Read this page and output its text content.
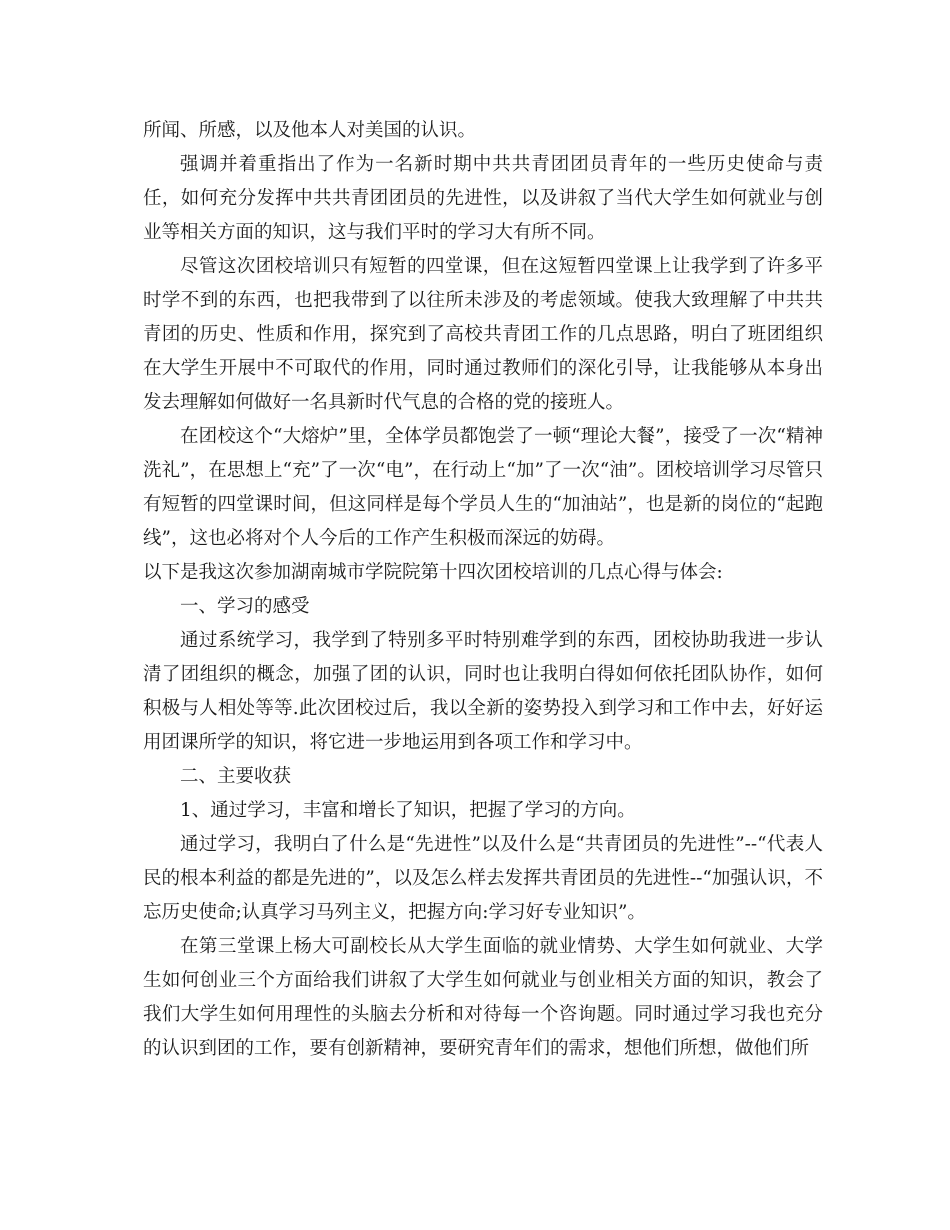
所闻、所感，以及他本人对美国的认识。

强调并着重指出了作为一名新时期中共共青团团员青年的一些历史使命与责任，如何充分发挥中共共青团团员的先进性，以及讲叙了当代大学生如何就业与创业等相关方面的知识，这与我们平时的学习大有所不同。

尽管这次团校培训只有短暂的四堂课，但在这短暂四堂课上让我学到了许多平时学不到的东西，也把我带到了以往所未涉及的考虑领域。使我大致理解了中共共青团的历史、性质和作用，探究到了高校共青团工作的几点思路，明白了班团组织在大学生开展中不可取代的作用，同时通过教师们的深化引导，让我能够从本身出发去理解如何做好一名具新时代气息的合格的党的接班人。

在团校这个“大熔炉”里，全体学员都饱尝了一顿“理论大餐”，接受了一次“精神洗礼”，在思想上“充”了一次“电”，在行动上“加”了一次“油”。团校培训学习尽管只有短暂的四堂课时间，但这同样是每个学员人生的“加油站”，也是新的岗位的“起跑线”，这也必将对个人今后的工作产生积极而深远的妨碍。

以下是我这次参加湖南城市学院院第十四次团校培训的几点心得与体会:

一、学习的感受

通过系统学习，我学到了特别多平时特别难学到的东西，团校协助我进一步认清了团组织的概念，加强了团的认识，同时也让我明白得如何依托团队协作，如何积极与人相处等等.此次团校过后，我以全新的姿势投入到学习和工作中去，好好运用团课所学的知识，将它进一步地运用到各项工作和学习中。

二、主要收获

1、通过学习，丰富和增长了知识，把握了学习的方向。

通过学习，我明白了什么是“先进性”以及什么是“共青团员的先进性”--“代表人民的根本利益的都是先进的”，以及怎么样去发挥共青团员的先进性--“加强认识，不忘历史使命;认真学习马列主义，把握方向:学习好专业知识”。

在第三堂课上杨大可副校长从大学生面临的就业情势、大学生如何就业、大学生如何创业三个方面给我们讲叙了大学生如何就业与创业相关方面的知识，教会了我们大学生如何用理性的头脑去分析和对待每一个咨询题。同时通过学习我也充分的认识到团的工作，要有创新精神，要研究青年们的需求，想他们所想，做他们所
